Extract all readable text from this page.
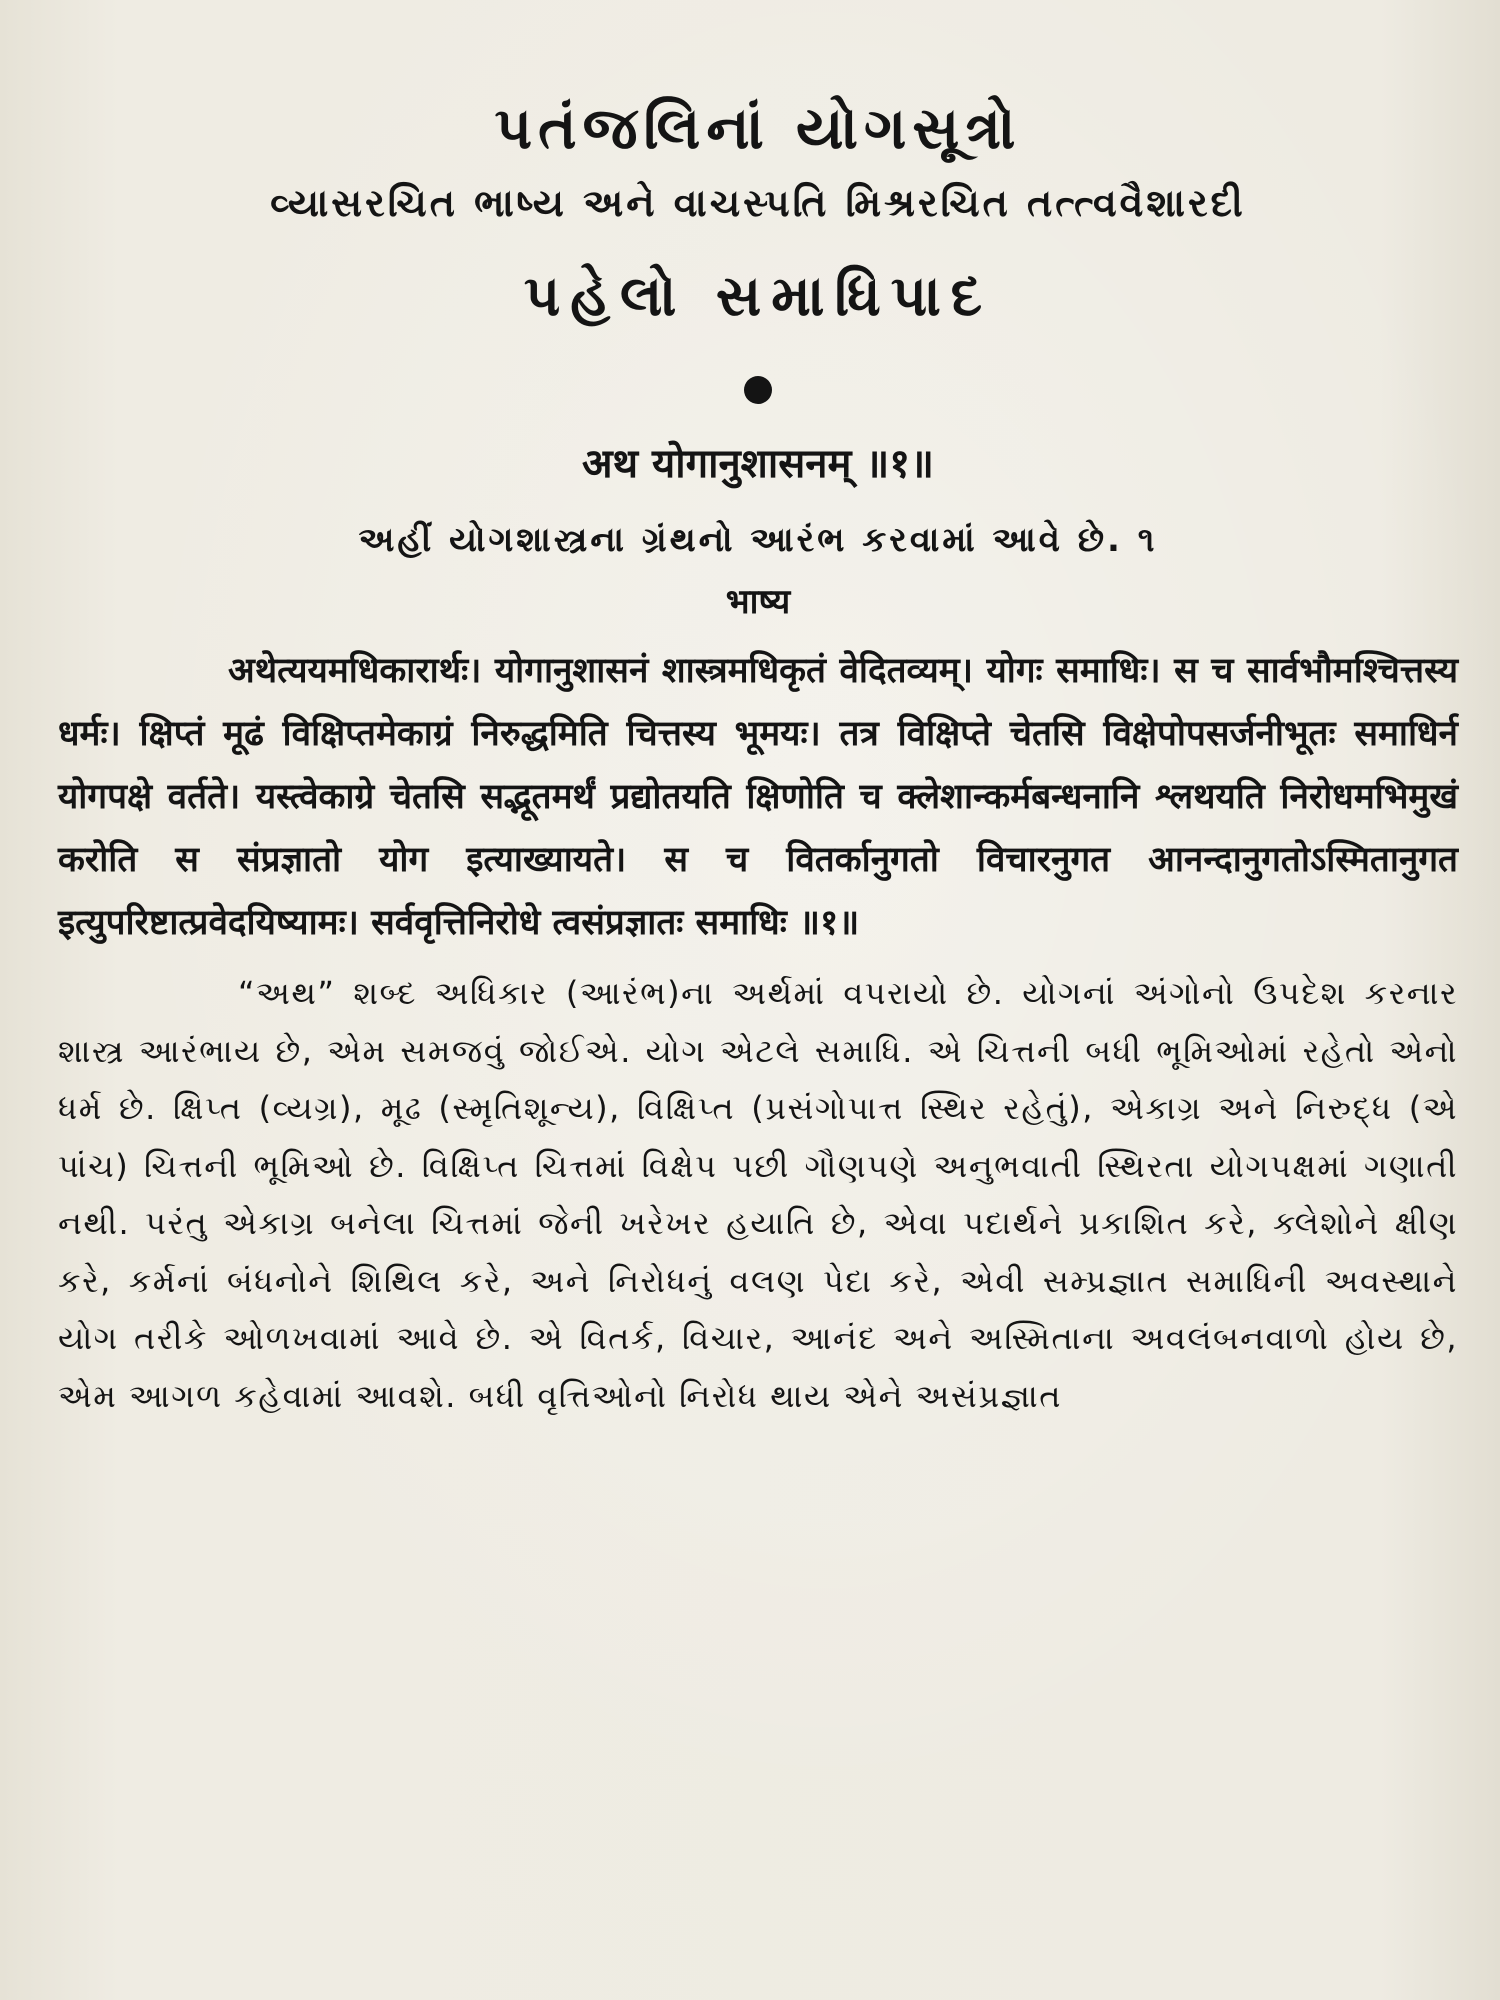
પતંજલિનાં યોગસૂત્રો
વ્યાસરચિત ભાષ્ય અને વાચસ્પતિ મિશ્રરચિત તત્ત્વવૈશારદી
પહેલો સમાધિપાદ
अथ योगानुशासनम् ॥१॥
અહીં યોગશાસ્ત્રના ગ્રંથનો આરંભ કરવામાં આવે છે. ૧
भाष्य
अथेत्ययमधिकारार्थः। योगानुशासनं शास्त्रमधिकृतं वेदितव्यम्। योगः समाधिः। स च सार्वभौमश्चित्तस्य धर्मः। क्षिप्तं मूढं विक्षिप्तमेकाग्रं निरुद्धमिति चित्तस्य भूमयः। तत्र विक्षिप्ते चेतसि विक्षेपोपसर्जनीभूतः समाधिर्न योगपक्षे वर्तते। यस्त्वेकाग्रे चेतसि सद्भूतमर्थं प्रद्योतयति क्षिणोति च क्लेशान्कर्मबन्धनानि श्लथयति निरोधमभिमुखं करोति स संप्रज्ञातो योग इत्याख्यायते। स च वितर्कानुगतो विचारनुगत आनन्दानुगतोऽस्मितानुगत इत्युपरिष्टात्प्रवेदयिष्यामः। सर्ववृत्तिनिरोधे त्वसंप्रज्ञातः समाधिः ॥१॥
“અથ” શબ્દ અધિકાર (આરંભ)ના અર્થમાં વપરાયો છે. યોગનાં અંગોનો ઉપદેશ કરનાર શાસ્ત્ર આરંભાય છે, એમ સમજવું જોઈએ. યોગ એટલે સમાધિ. એ ચિત્તની બધી ભૂમિઓમાં રહેતો એનો ધર્મ છે. ક્ષિપ્ત (વ્યગ્ર), મૂઢ (સ્મૃતિશૂન્ય), વિક્ષિપ્ત (પ્રસંગોપાત્ત સ્થિર રહેતું), એકાગ્ર અને નિરુદ્ધ (એ પાંચ) ચિત્તની ભૂમિઓ છે. વિક્ષિપ્ત ચિત્તમાં વિક્ષેપ પછી ગૌણપણે અનુભવાતી સ્થિરતા યોગપક્ષમાં ગણાતી નથી. પરંતુ એકાગ્ર બનેલા ચિત્તમાં જેની ખરેખર હયાતિ છે, એવા પદાર્થને પ્રકાશિત કરે, ક્લેશોને ક્ષીણ કરે, કર્મનાં બંધનોને શિથિલ કરે, અને નિરોધનું વલણ પેદા કરે, એવી સમ્પ્રજ્ઞાત સમાધિની અવસ્થાને યોગ તરીકે ઓળખવામાં આવે છે. એ વિતર્ક, વિચાર, આનંદ અને અસ્મિતાના અવલંબનવાળો હોય છે, એમ આગળ કહેવામાં આવશે. બધી વૃત્તિઓનો નિરોધ થાય એને અસંપ્રજ્ઞાત
